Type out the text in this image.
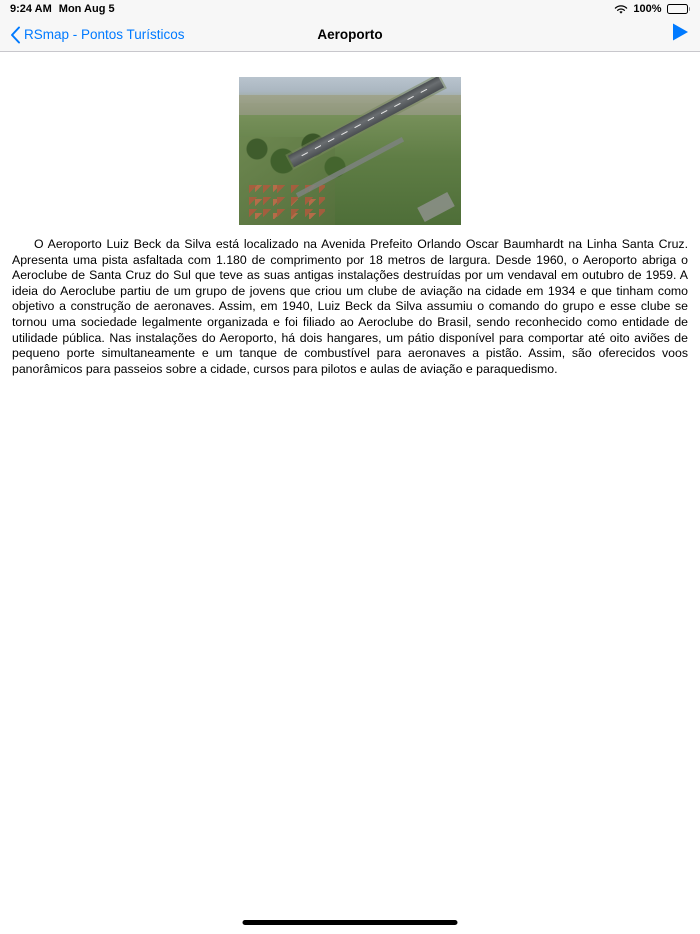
9:24 AM Mon Aug 5	100%
RSmap - Pontos Turísticos	Aeroporto

O Aeroporto Luiz Beck da Silva está localizado na Avenida Prefeito Orlando Oscar Baumhardt na Linha Santa Cruz. Apresenta uma pista asfaltada com 1.180 de comprimento por 18 metros de largura. Desde 1960, o Aeroporto abriga o Aeroclube de Santa Cruz do Sul que teve as suas antigas instalações destruídas por um vendaval em outubro de 1959. A ideia do Aeroclube partiu de um grupo de jovens que criou um clube de aviação na cidade em 1934 e que tinham como objetivo a construção de aeronaves. Assim, em 1940, Luiz Beck da Silva assumiu o comando do grupo e esse clube se tornou uma sociedade legalmente organizada e foi filiado ao Aeroclube do Brasil, sendo reconhecido como entidade de utilidade pública. Nas instalações do Aeroporto, há dois hangares, um pátio disponível para comportar até oito aviões de pequeno porte simultaneamente e um tanque de combustível para aeronaves a pistão. Assim, são oferecidos voos panorâmicos para passeios sobre a cidade, cursos para pilotos e aulas de aviação e paraquedismo.
